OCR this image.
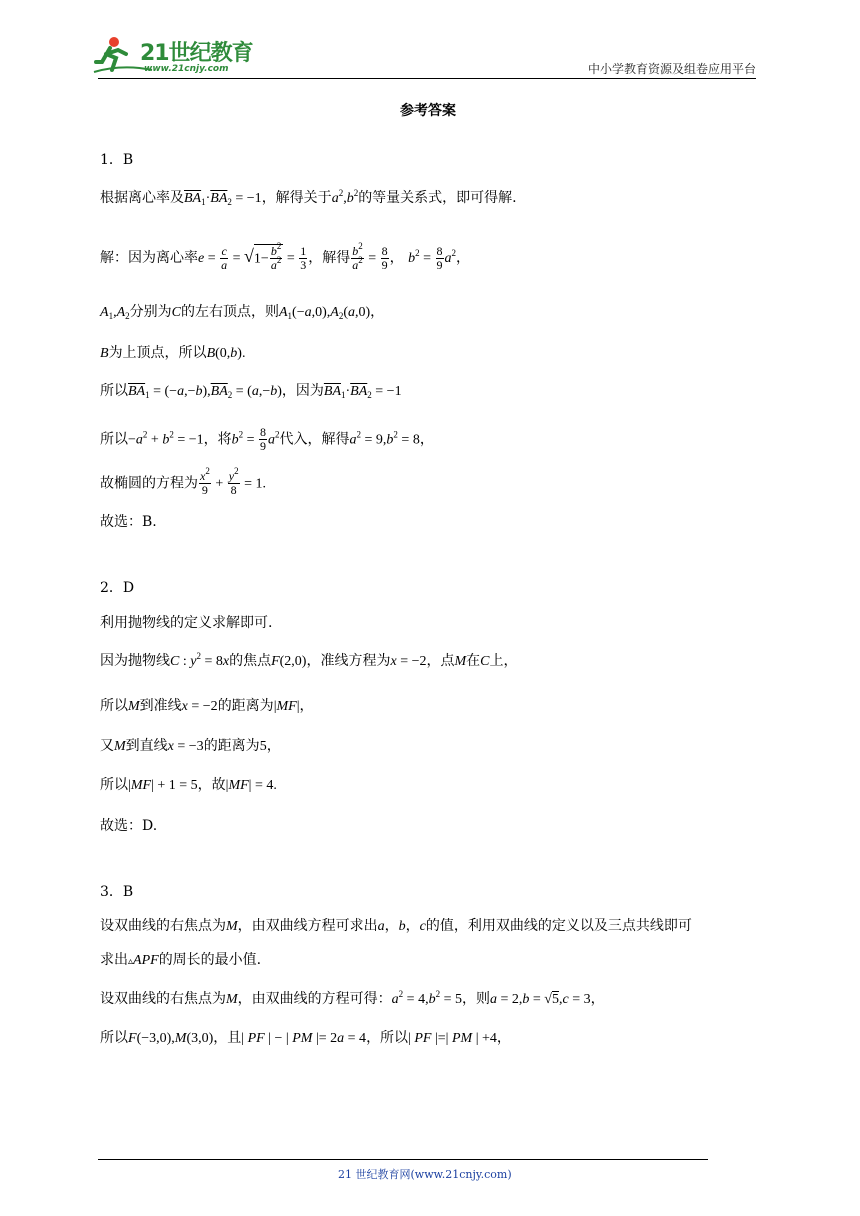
21世纪教育
www.21cnjy.com	中小学教育资源及组卷应用平台
参考答案
1．B
根据离心率及$\overline{BA}_1\cdot\overline{BA}_2 = -1$，解得关于$a^2,b^2$的等量关系式，即可得解.
解：因为离心率$e = \frac{c}{a} = √1- \frac{b^2}{a^2} = \frac{1}{3}$ ，解得 $\frac{b^2}{a^2} = \frac{8}{9}$ ， $b^2 = \frac{8}{9} a^2$，
$A_1,A_2$分别为C的左右顶点，则$A_1(-a,0),A_2(a,0)$，
B为上顶点，所以B(0,b).
所以$\overline{BA}_1 = (-a,-b),\overline{BA}_2 = (a,-b)$，因为$\overline{BA}_1\cdot\overline{BA}_2 = -1$
所以$-a^2 + b^2 = -1$，将$b^2 = \frac{8}{9} a^2$代入，解得$a^2 = 9,b^2 = 8$，
故椭圆的方程为 $\frac{x^2}{9} + \frac{y^2}{8} = 1$.
故选：B.
2．D
利用抛物线的定义求解即可.
因为抛物线C : $y^2 = 8x$的焦点F(2,0)，准线方程为x = −2，点M在C上，
所以M到准线x = −2的距离为|MF|，
又M到直线x = −3的距离为5，
所以|MF| + 1 = 5，故|MF| = 4.
故选：D.
3．B
设双曲线的右焦点为M，由双曲线方程可求出a，b，c的值，利用双曲线的定义以及三点共线即可
求出▵APF的周长的最小值.
设双曲线的右焦点为M，由双曲线的方程可得：$a^2 = 4,b^2 = 5$，则a = 2,b = √5,c = 3，
所以F(−3,0),M(3,0)，且| PF | − | PM |= 2a = 4，所以| PF |=| PM | +4，
21 世纪教育网(www.21cnjy.com)
